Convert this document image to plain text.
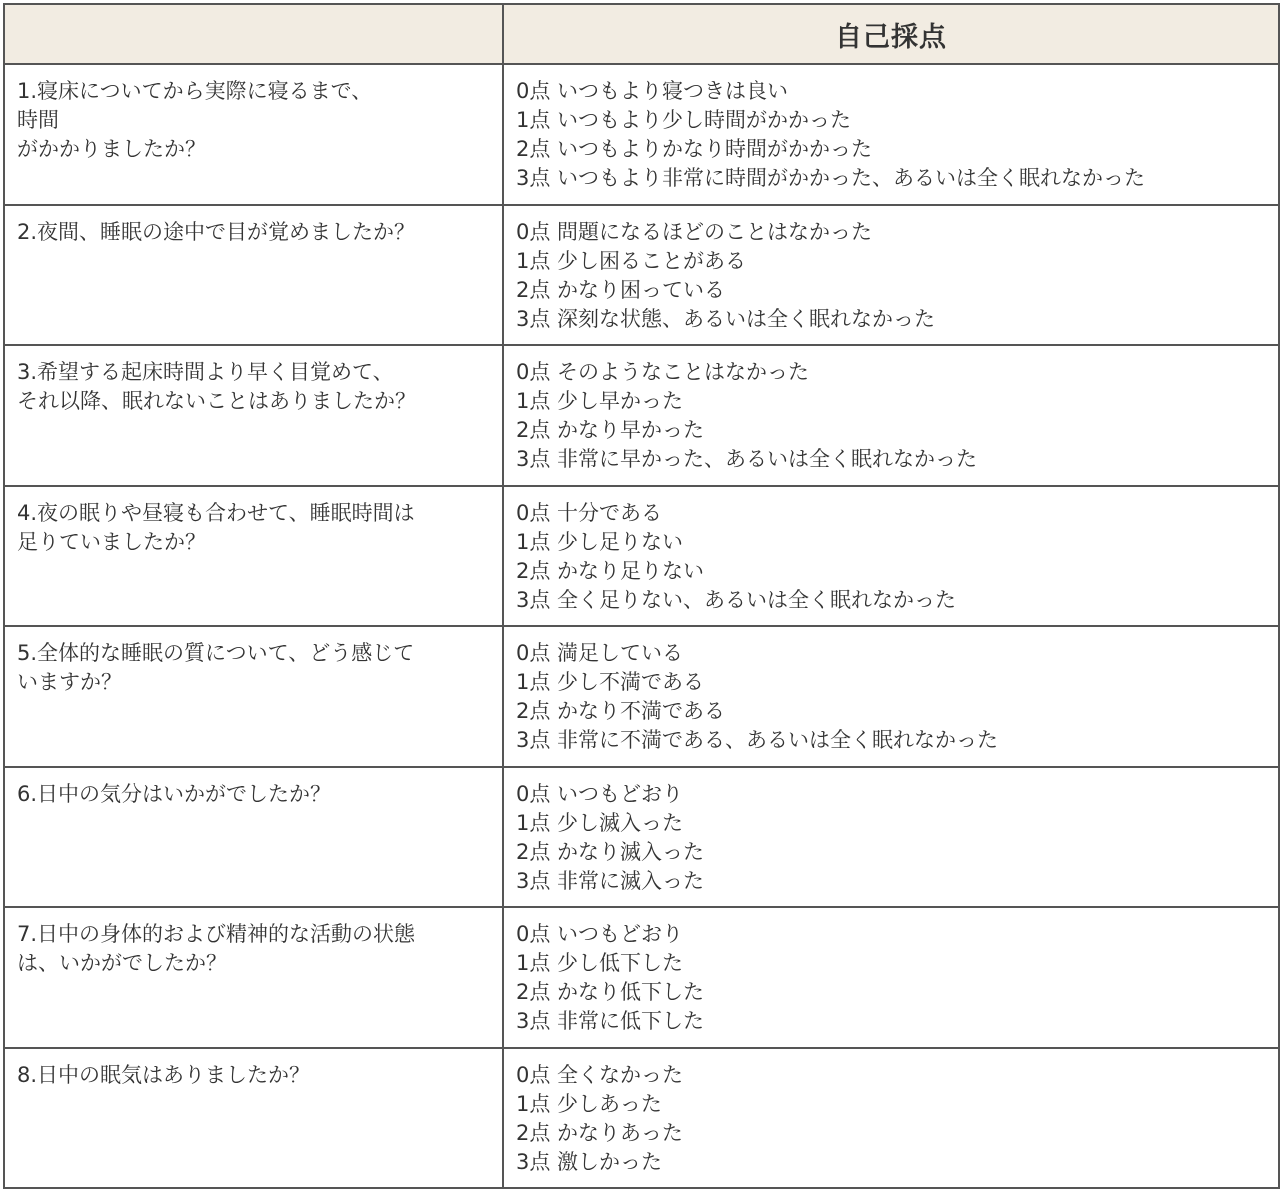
	自己採点

1.寝床についてから実際に寝るまで、
時間
がかかりましたか？	0点 いつもより寝つきは良い
1点 いつもより少し時間がかかった
2点 いつもよりかなり時間がかかった
3点 いつもより非常に時間がかかった、あるいは全く眠れなかった

2.夜間、睡眠の途中で目が覚めましたか？	0点 問題になるほどのことはなかった
1点 少し困ることがある
2点 かなり困っている
3点 深刻な状態、あるいは全く眠れなかった

3.希望する起床時間より早く目覚めて、
それ以降、眠れないことはありましたか？	0点 そのようなことはなかった
1点 少し早かった
2点 かなり早かった
3点 非常に早かった、あるいは全く眠れなかった

4.夜の眠りや昼寝も合わせて、睡眠時間は
足りていましたか？	0点 十分である
1点 少し足りない
2点 かなり足りない
3点 全く足りない、あるいは全く眠れなかった

5.全体的な睡眠の質について、どう感じて
いますか？	0点 満足している
1点 少し不満である
2点 かなり不満である
3点 非常に不満である、あるいは全く眠れなかった

6.日中の気分はいかがでしたか？	0点 いつもどおり
1点 少し滅入った
2点 かなり滅入った
3点 非常に滅入った

7.日中の身体的および精神的な活動の状態
は、いかがでしたか？	0点 いつもどおり
1点 少し低下した
2点 かなり低下した
3点 非常に低下した

8.日中の眠気はありましたか？	0点 全くなかった
1点 少しあった
2点 かなりあった
3点 激しかった
